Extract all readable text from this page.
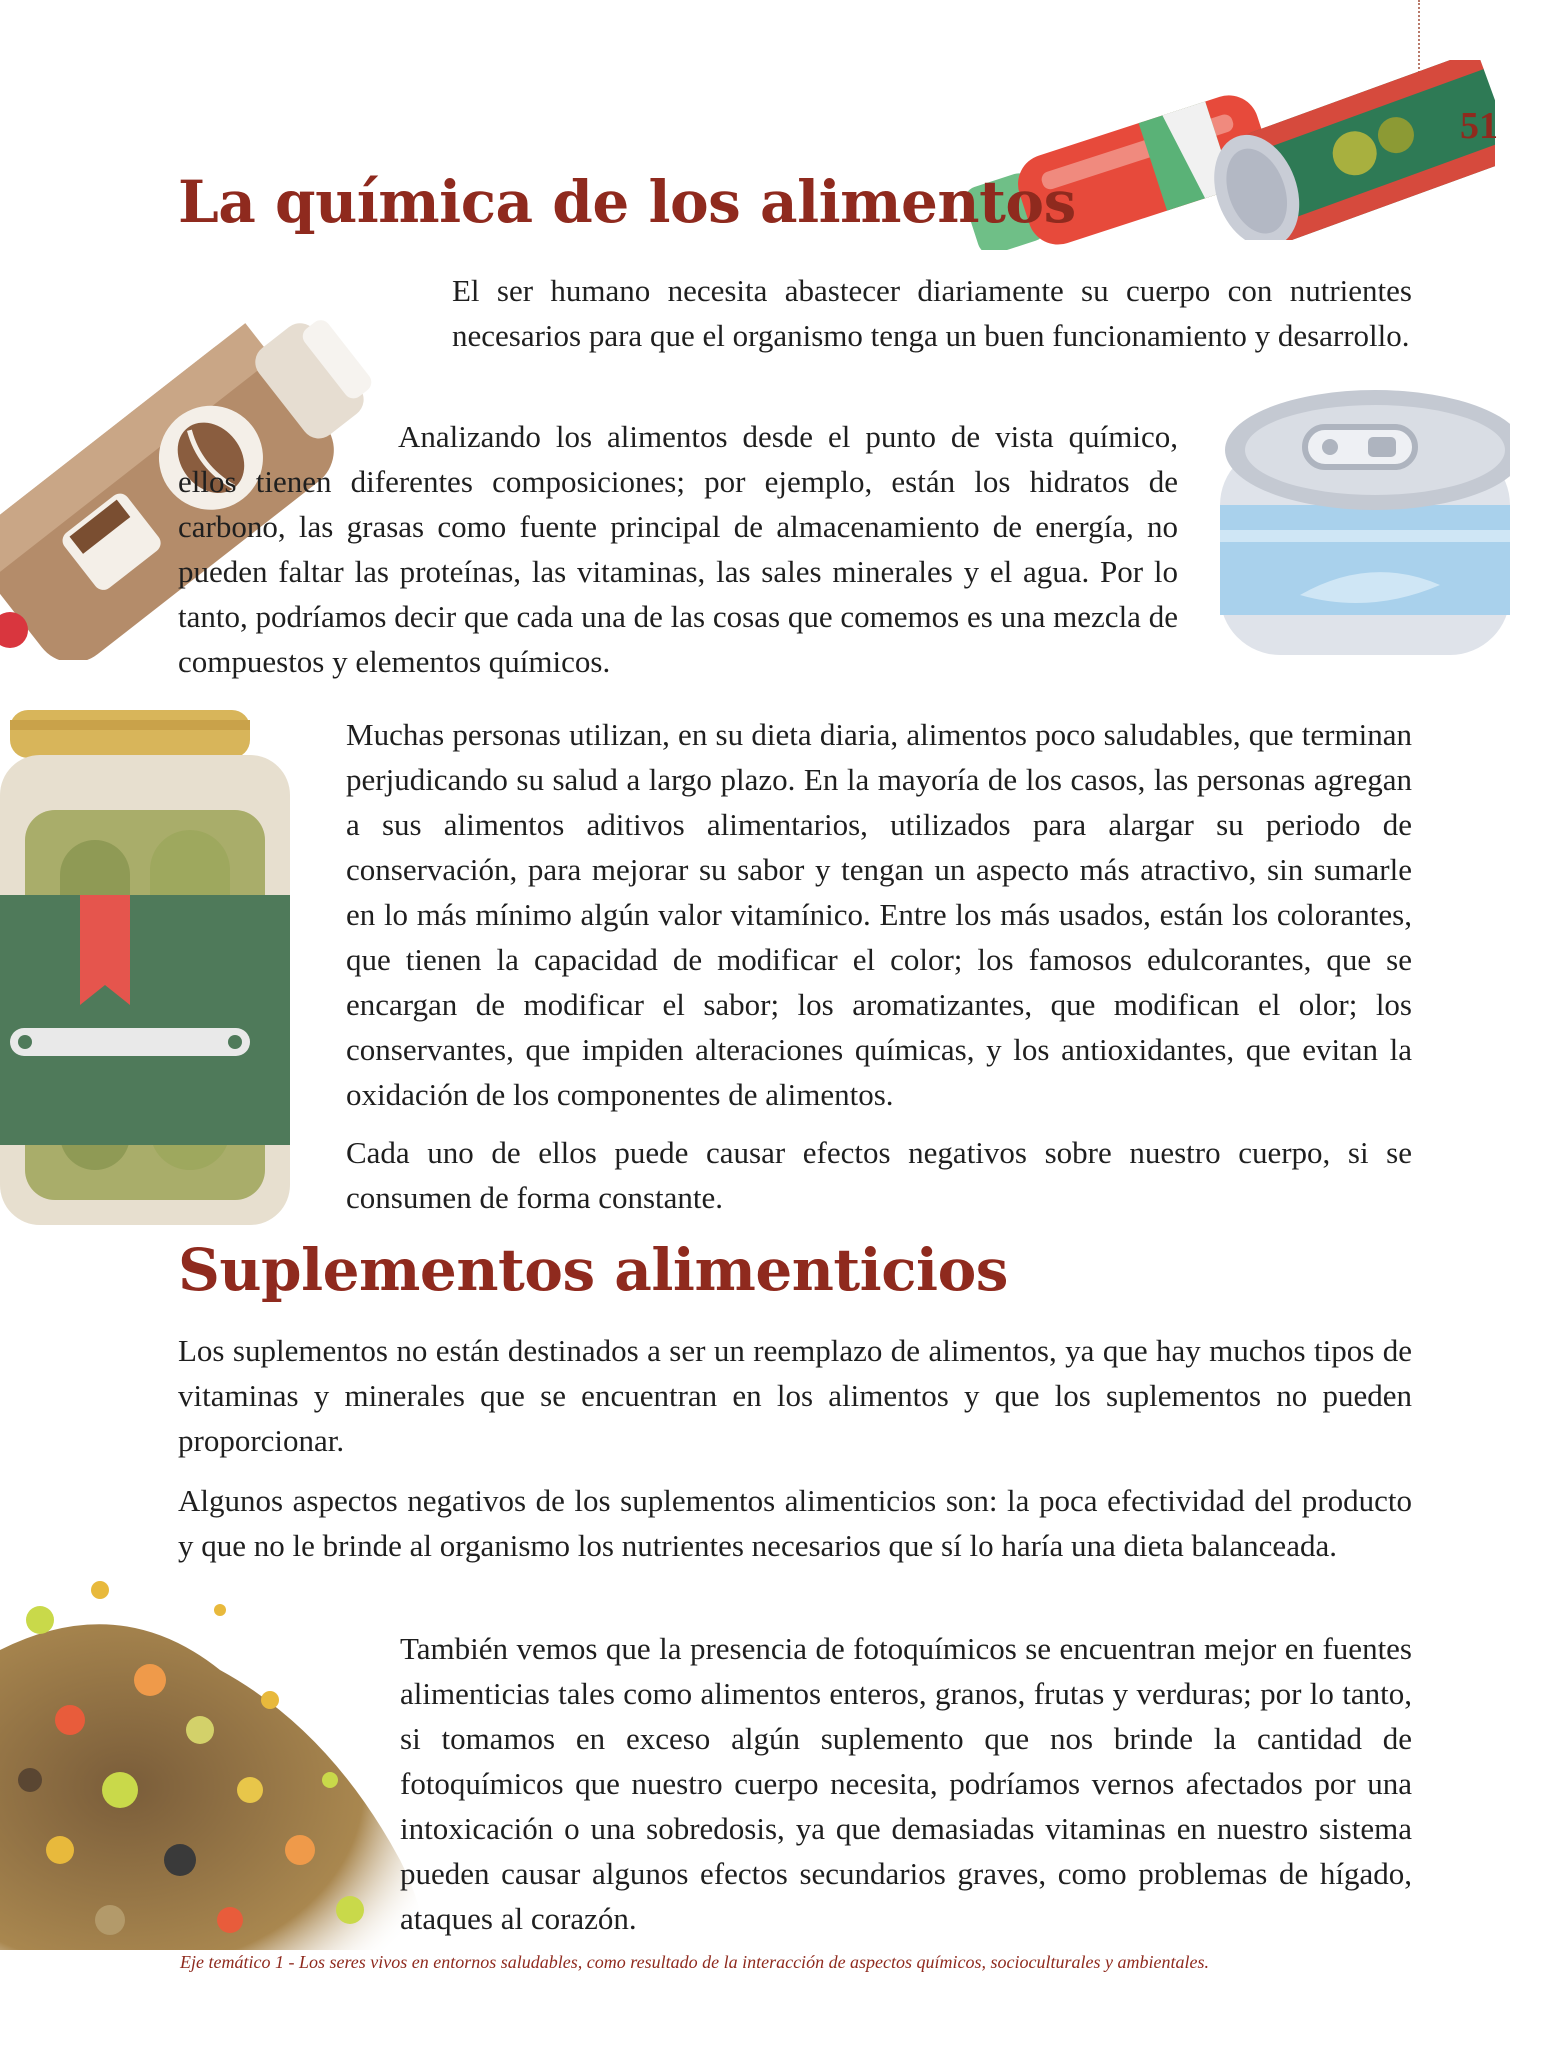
51
La química de los alimentos

El ser humano necesita abastecer diariamente su cuerpo con nutrientes necesarios para que el organismo tenga un buen funcionamiento y desarrollo.

Analizando los alimentos desde el punto de vista químico, ellos tienen diferentes composiciones; por ejemplo, están los hidratos de carbono, las grasas como fuente principal de almacenamiento de energía, no pueden faltar las proteínas, las vitaminas, las sales minerales y el agua. Por lo tanto, podríamos decir que cada una de las cosas que comemos es una mezcla de compuestos y elementos químicos.

Muchas personas utilizan, en su dieta diaria, alimentos poco saludables, que terminan perjudicando su salud a largo plazo. En la mayoría de los casos, las personas agregan a sus alimentos aditivos alimentarios, utilizados para alargar su periodo de conservación, para mejorar su sabor y tengan un aspecto más atractivo, sin sumarle en lo más mínimo algún valor vitamínico. Entre los más usados, están los colorantes, que tienen la capacidad de modificar el color; los famosos edulcorantes, que se encargan de modificar el sabor; los aromatizantes, que modifican el olor; los conservantes, que impiden alteraciones químicas, y los antioxidantes, que evitan la oxidación de los componentes de alimentos.

Cada uno de ellos puede causar efectos negativos sobre nuestro cuerpo, si se consumen de forma constante.

Suplementos alimenticios

Los suplementos no están destinados a ser un reemplazo de alimentos, ya que hay muchos tipos de vitaminas y minerales que se encuentran en los alimentos y que los suplementos no pueden proporcionar.

Algunos aspectos negativos de los suplementos alimenticios son: la poca efectividad del producto y que no le brinde al organismo los nutrientes necesarios que sí lo haría una dieta balanceada.

También vemos que la presencia de fotoquímicos se encuentran mejor en fuentes alimenticias tales como alimentos enteros, granos, frutas y verduras; por lo tanto, si tomamos en exceso algún suplemento que nos brinde la cantidad de fotoquímicos que nuestro cuerpo necesita, podríamos vernos afectados por una intoxicación o una sobredosis, ya que demasiadas vitaminas en nuestro sistema pueden causar algunos efectos secundarios graves, como problemas de hígado, ataques al corazón.

Eje temático 1 - Los seres vivos en entornos saludables, como resultado de la interacción de aspectos químicos, socioculturales y ambientales.
